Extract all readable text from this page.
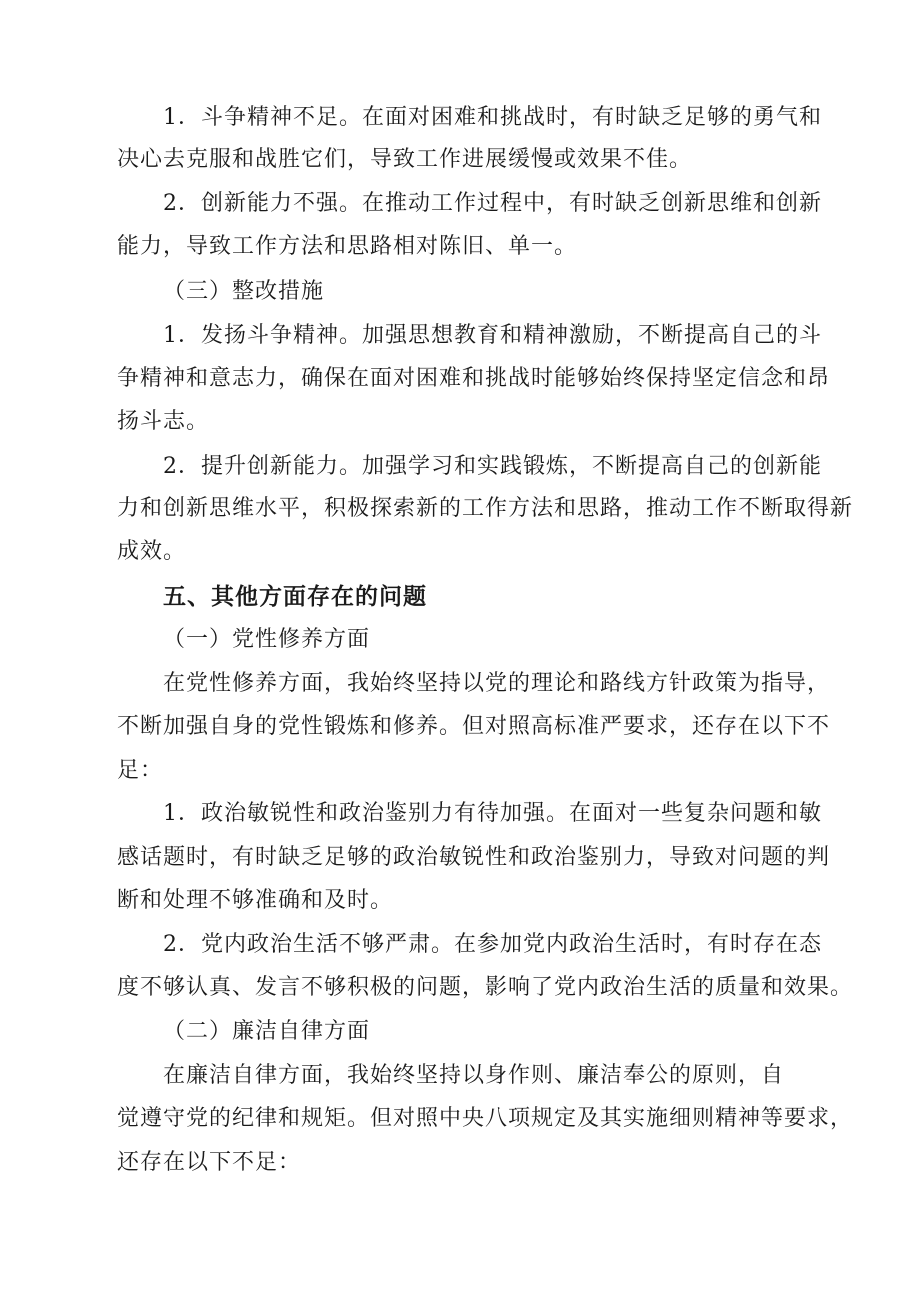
1．斗争精神不足。在面对困难和挑战时，有时缺乏足够的勇气和
决心去克服和战胜它们，导致工作进展缓慢或效果不佳。
2．创新能力不强。在推动工作过程中，有时缺乏创新思维和创新
能力，导致工作方法和思路相对陈旧、单一。
（三）整改措施
1．发扬斗争精神。加强思想教育和精神激励，不断提高自己的斗
争精神和意志力，确保在面对困难和挑战时能够始终保持坚定信念和昂
扬斗志。
2．提升创新能力。加强学习和实践锻炼，不断提高自己的创新能
力和创新思维水平，积极探索新的工作方法和思路，推动工作不断取得新
成效。
五、其他方面存在的问题
（一）党性修养方面
在党性修养方面，我始终坚持以党的理论和路线方针政策为指导，
不断加强自身的党性锻炼和修养。但对照高标准严要求，还存在以下不
足：
1．政治敏锐性和政治鉴别力有待加强。在面对一些复杂问题和敏
感话题时，有时缺乏足够的政治敏锐性和政治鉴别力，导致对问题的判
断和处理不够准确和及时。
2．党内政治生活不够严肃。在参加党内政治生活时，有时存在态
度不够认真、发言不够积极的问题，影响了党内政治生活的质量和效果。
（二）廉洁自律方面
在廉洁自律方面，我始终坚持以身作则、廉洁奉公的原则，自
觉遵守党的纪律和规矩。但对照中央八项规定及其实施细则精神等要求，
还存在以下不足：
